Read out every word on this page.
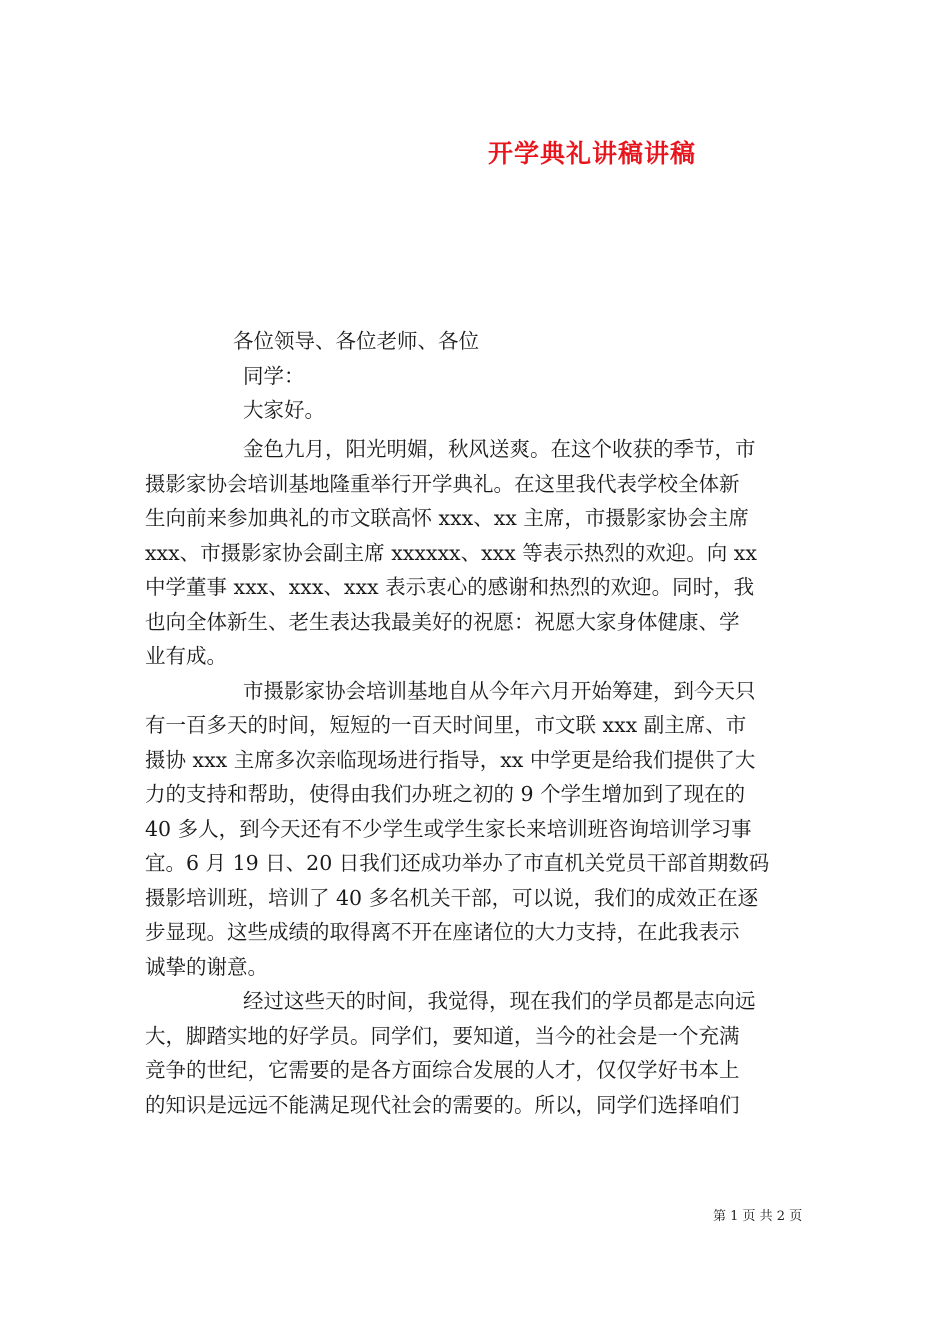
开学典礼讲稿讲稿
各位领导、各位老师、各位
同学：
大家好。
金色九月，阳光明媚，秋风送爽。在这个收获的季节，市
摄影家协会培训基地隆重举行开学典礼。在这里我代表学校全体新
生向前来参加典礼的市文联高怀 xxx、xx 主席，市摄影家协会主席
xxx、市摄影家协会副主席 xxxxxx、xxx 等表示热烈的欢迎。向 xx
中学董事 xxx、xxx、xxx 表示衷心的感谢和热烈的欢迎。同时，我
也向全体新生、老生表达我最美好的祝愿：祝愿大家身体健康、学
业有成。
市摄影家协会培训基地自从今年六月开始筹建，到今天只
有一百多天的时间，短短的一百天时间里，市文联 xxx 副主席、市
摄协 xxx 主席多次亲临现场进行指导，xx 中学更是给我们提供了大
力的支持和帮助，使得由我们办班之初的 9 个学生增加到了现在的
40 多人，到今天还有不少学生或学生家长来培训班咨询培训学习事
宜。6 月 19 日、20 日我们还成功举办了市直机关党员干部首期数码
摄影培训班，培训了 40 多名机关干部，可以说，我们的成效正在逐
步显现。这些成绩的取得离不开在座诸位的大力支持，在此我表示
诚挚的谢意。
经过这些天的时间，我觉得，现在我们的学员都是志向远
大，脚踏实地的好学员。同学们，要知道，当今的社会是一个充满
竞争的世纪，它需要的是各方面综合发展的人才，仅仅学好书本上
的知识是远远不能满足现代社会的需要的。所以，同学们选择咱们
第 1 页 共 2 页
